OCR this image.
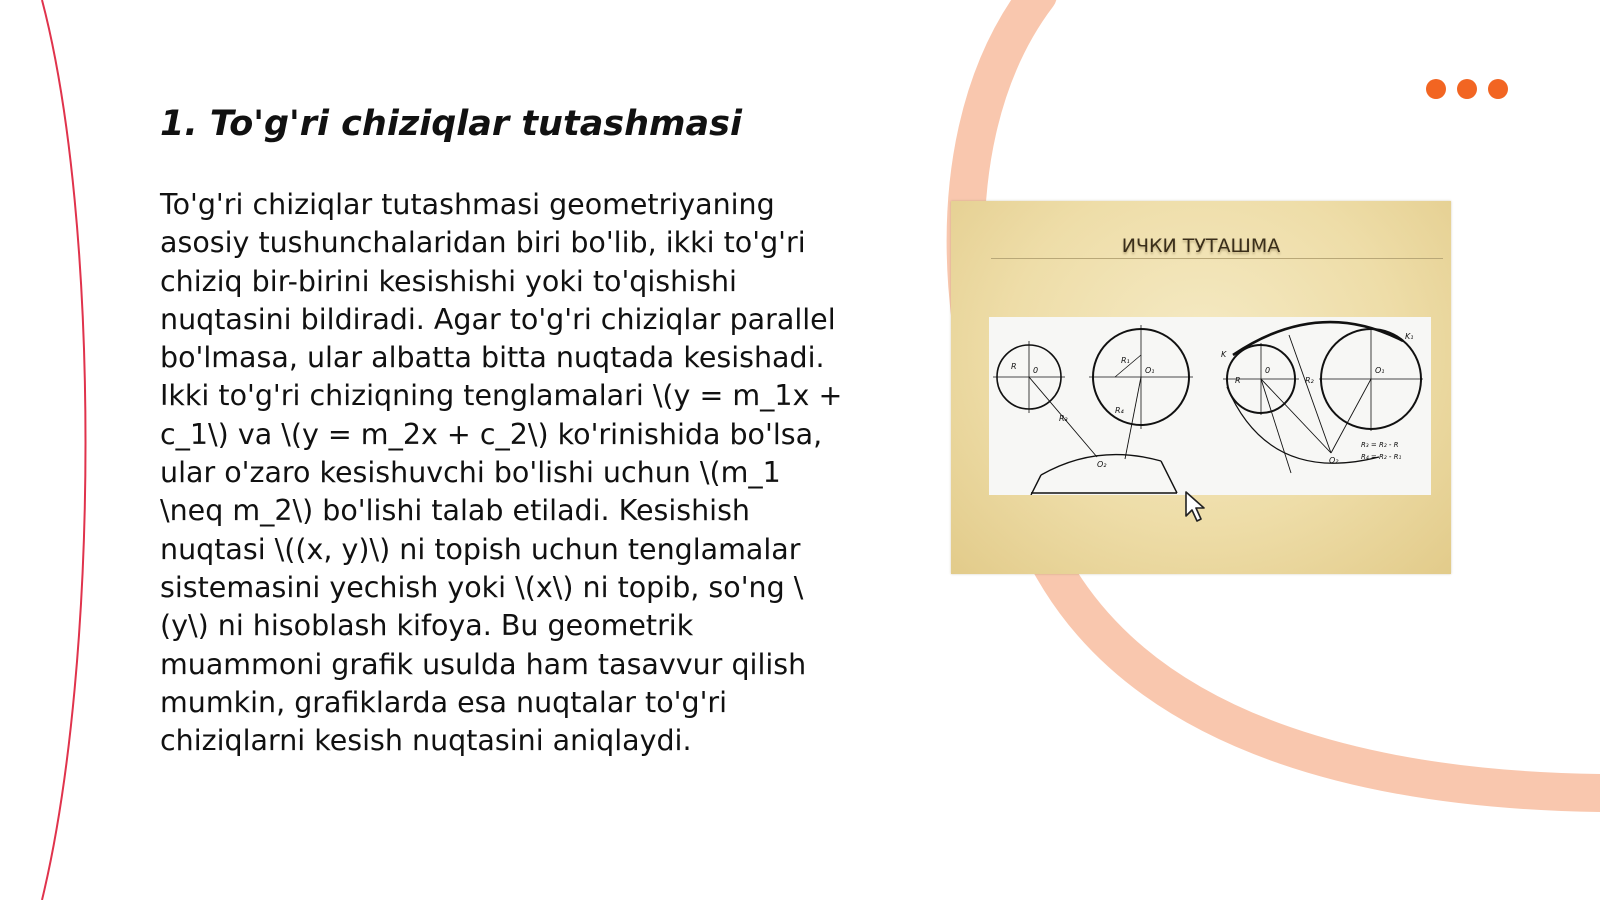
1. To'g'ri chiziqlar tutashmasi

To'g'ri chiziqlar tutashmasi geometriyaning asosiy tushunchalaridan biri bo'lib, ikki to'g'ri chiziq bir-birini kesishishi yoki to'qishishi nuqtasini bildiradi. Agar to'g'ri chiziqlar parallel bo'lmasa, ular albatta bitta nuqtada kesishadi. Ikki to'g'ri chiziqning tenglamalari \(y = m_1x + c_1\) va \(y = m_2x + c_2\) ko'rinishida bo'lsa, ular o'zaro kesishuvchi bo'lishi uchun \(m_1 \neq m_2\) bo'lishi talab etiladi. Kesishish nuqtasi \((x, y)\) ni topish uchun tenglamalar sistemasini yechish yoki \(x\) ni topib, so'ng \(y\) ni hisoblash kifoya. Bu geometrik muammoni grafik usulda ham tasavvur qilish mumkin, grafiklarda esa nuqtalar to'g'ri chiziqlarni kesish nuqtasini aniqlaydi.

ИЧКИ ТУТАШМА
R 0
R₁
O₁
R₃
R₄
O₂
K
0	O₁
K₁
R₂
R
O₂
R₃ = R₂ - R
R₄ = R₂ - R₁
